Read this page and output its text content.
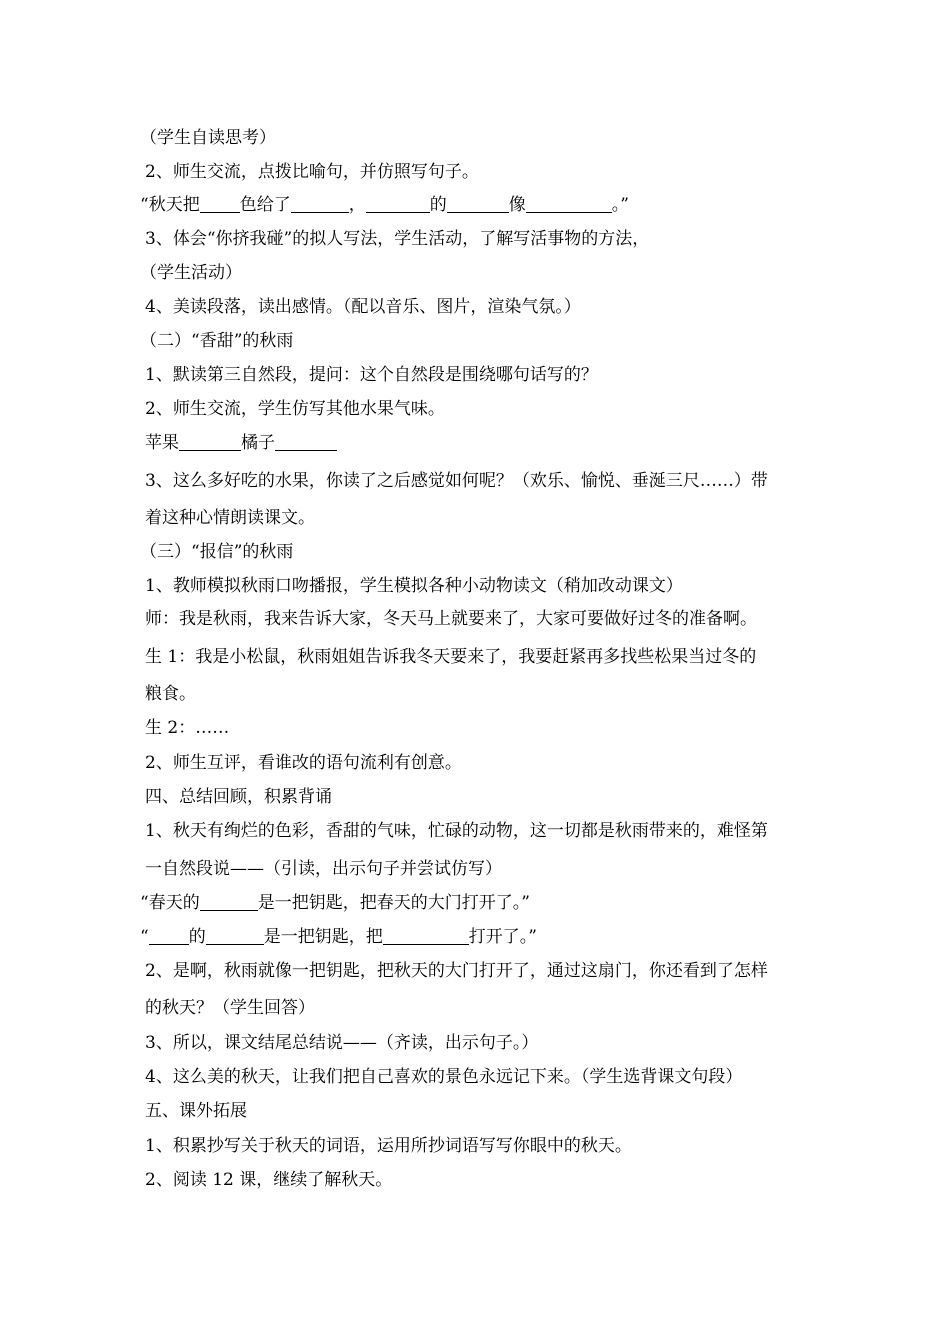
（学生自读思考）
2、师生交流，点拨比喻句，并仿照写句子。
“秋天把 色给了	，	的	像	。”
3、体会“你挤我碰”的拟人写法，学生活动，了解写活事物的方法，
（学生活动）
4、美读段落，读出感情。（配以音乐、图片，渲染气氛。）
（二）“香甜”的秋雨
1、默读第三自然段，提问：这个自然段是围绕哪句话写的？
2、师生交流，学生仿写其他水果气味。
苹果	橘子
3、这么多好吃的水果，你读了之后感觉如何呢？（欢乐、愉悦、垂涎三尺……）带
着这种心情朗读课文。
（三）“报信”的秋雨
1、教师模拟秋雨口吻播报，学生模拟各种小动物读文（稍加改动课文）
师：我是秋雨，我来告诉大家，冬天马上就要来了，大家可要做好过冬的准备啊。
生 1：我是小松鼠，秋雨姐姐告诉我冬天要来了，我要赶紧再多找些松果当过冬的
粮食。
生 2：……
2、师生互评，看谁改的语句流利有创意。
四、总结回顾，积累背诵
1、秋天有绚烂的色彩，香甜的气味，忙碌的动物，这一切都是秋雨带来的，难怪第
一自然段说——（引读，出示句子并尝试仿写）
“春天的	是一把钥匙，把春天的大门打开了。”
“ 的	是一把钥匙，把	打开了。”
2、是啊，秋雨就像一把钥匙，把秋天的大门打开了，通过这扇门，你还看到了怎样
的秋天？（学生回答）
3、所以，课文结尾总结说——（齐读，出示句子。）
4、这么美的秋天，让我们把自己喜欢的景色永远记下来。（学生选背课文句段）
五、课外拓展
1、积累抄写关于秋天的词语，运用所抄词语写写你眼中的秋天。
2、阅读 12 课，继续了解秋天。
